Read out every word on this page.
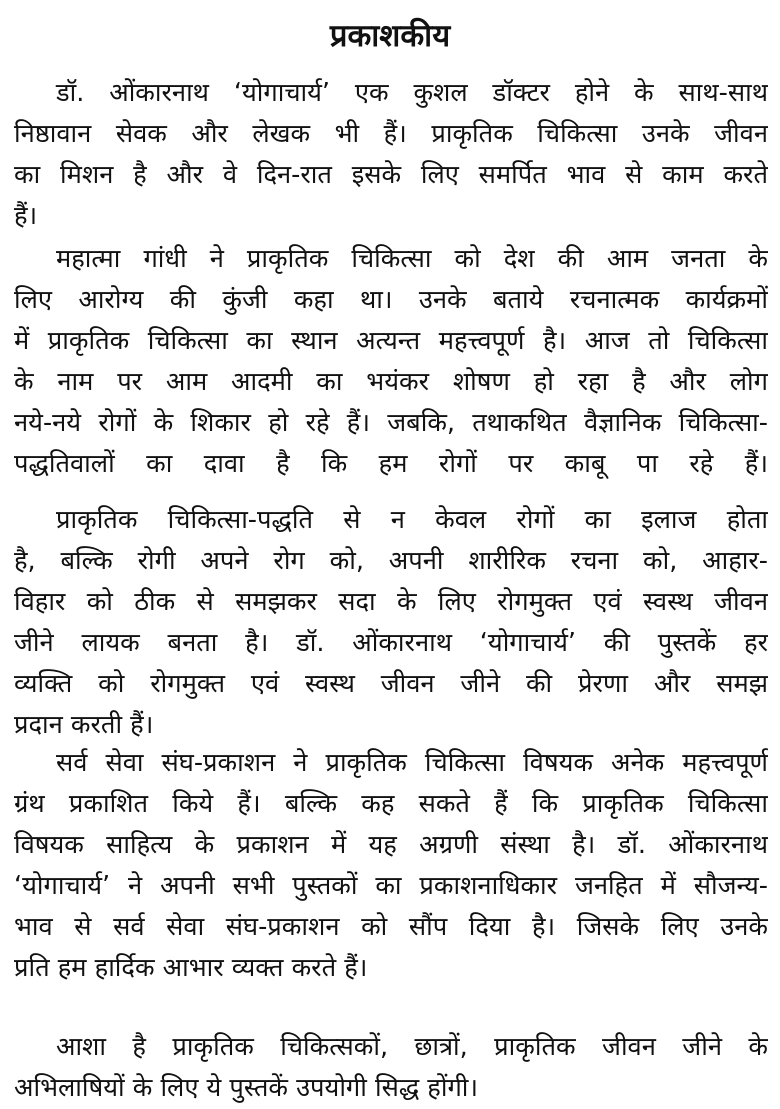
प्रकाशकीय
डॉ. ओंकारनाथ ‘योगाचार्य’ एक कुशल डॉक्टर होने के साथ-साथ
निष्ठावान सेवक और लेखक भी हैं। प्राकृतिक चिकित्सा उनके जीवन
का मिशन है और वे दिन-रात इसके लिए समर्पित भाव से काम करते
हैं।
महात्मा गांधी ने प्राकृतिक चिकित्सा को देश की आम जनता के
लिए आरोग्य की कुंजी कहा था। उनके बताये रचनात्मक कार्यक्रमों
में प्राकृतिक चिकित्सा का स्थान अत्यन्त महत्त्वपूर्ण है। आज तो चिकित्सा
के नाम पर आम आदमी का भयंकर शोषण हो रहा है और लोग
नये-नये रोगों के शिकार हो रहे हैं। जबकि, तथाकथित वैज्ञानिक चिकित्सा-
पद्धतिवालों का दावा है कि हम रोगों पर काबू पा रहे हैं।
प्राकृतिक चिकित्सा-पद्धति से न केवल रोगों का इलाज होता
है, बल्कि रोगी अपने रोग को, अपनी शारीरिक रचना को, आहार-
विहार को ठीक से समझकर सदा के लिए रोगमुक्त एवं स्वस्थ जीवन
जीने लायक बनता है। डॉ. ओंकारनाथ ‘योगाचार्य’ की पुस्तकें हर
व्यक्ति को रोगमुक्त एवं स्वस्थ जीवन जीने की प्रेरणा और समझ
प्रदान करती हैं।
सर्व सेवा संघ-प्रकाशन ने प्राकृतिक चिकित्सा विषयक अनेक महत्त्वपूर्ण
ग्रंथ प्रकाशित किये हैं। बल्कि कह सकते हैं कि प्राकृतिक चिकित्सा
विषयक साहित्य के प्रकाशन में यह अग्रणी संस्था है। डॉ. ओंकारनाथ
‘योगाचार्य’ ने अपनी सभी पुस्तकों का प्रकाशनाधिकार जनहित में सौजन्य-
भाव से सर्व सेवा संघ-प्रकाशन को सौंप दिया है। जिसके लिए उनके
प्रति हम हार्दिक आभार व्यक्त करते हैं।
आशा है प्राकृतिक चिकित्सकों, छात्रों, प्राकृतिक जीवन जीने के
अभिलाषियों के लिए ये पुस्तकें उपयोगी सिद्ध होंगी।
